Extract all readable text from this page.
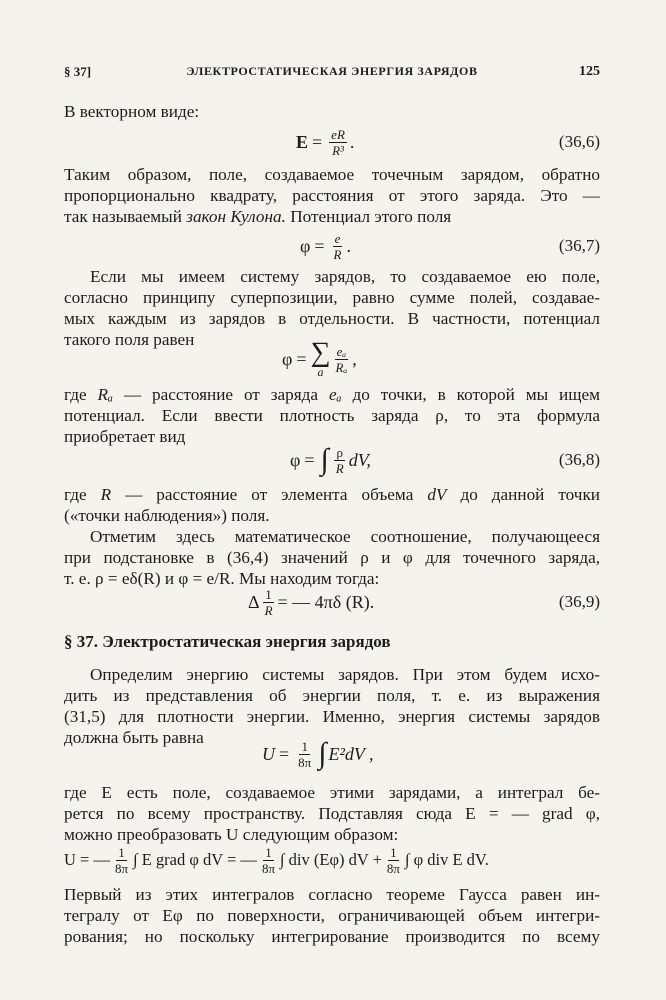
§ 37]	ЭЛЕКТРОСТАТИЧЕСКАЯ ЭНЕРГИЯ ЗАРЯДОВ	125
В векторном виде:
$E = \frac{eR}{\text{R³}}$ .	(36,6)
Таким образом, поле, создаваемое точечным зарядом, обратно
пропорционально квадрату, расстояния от этого заряда. Это —
так называемый закон Кулона. Потенциал этого поля
$\varphi = \frac{e}{R}$ .	(36,7)
Если мы имеем систему зарядов, то создаваемое ею поле,
согласно принципу суперпозиции, равно сумме полей, создавае-
мых каждым из зарядов в отдельности. В частности, потенциал
такого поля равен
φ = ∑
a $\frac{\text{eₐ}}{\text{Rₐ}}$ ,
где Rₐ — расстояние от заряда eₐ до точки, в которой мы ищем
потенциал. Если ввести плотность заряда ρ, то эта формула
приобретает вид
φ = ∫ $\frac{\rho}{R}$ dV,	(36,8)
где R — расстояние от элемента объема dV до данной точки
(«точки наблюдения») поля.
Отметим здесь математическое соотношение, получающееся
при подстановке в (36,4) значений ρ и φ для точечного заряда,
т. е. ρ = eδ(R) и φ = e/R. Мы находим тогда:
Δ $\frac{1}{R}$ = — 4πδ (R).	(36,9)
§ 37. Электростатическая энергия зарядов
Определим энергию системы зарядов. При этом будем исхо-
дить из представления об энергии поля, т. е. из выражения
(31,5) для плотности энергии. Именно, энергия системы зарядов
должна быть равна
$U = \frac{1}{8\pi}$ ∫ E²dV ,
где E есть поле, создаваемое этими зарядами, а интеграл бе-
рется по всему пространству. Подставляя сюда E = — grad φ,
можно преобразовать U следующим образом:
U = — $\frac{1}{8\pi}$ ∫ E grad φ dV = — $\frac{1}{8\pi}$ ∫ div (Eφ) dV + $\frac{1}{8\pi}$ ∫ φ div E dV.
Первый из этих интегралов согласно теореме Гаусса равен ин-
тегралу от Eφ по поверхности, ограничивающей объем интегри-
рования; но поскольку интегрирование производится по всему
